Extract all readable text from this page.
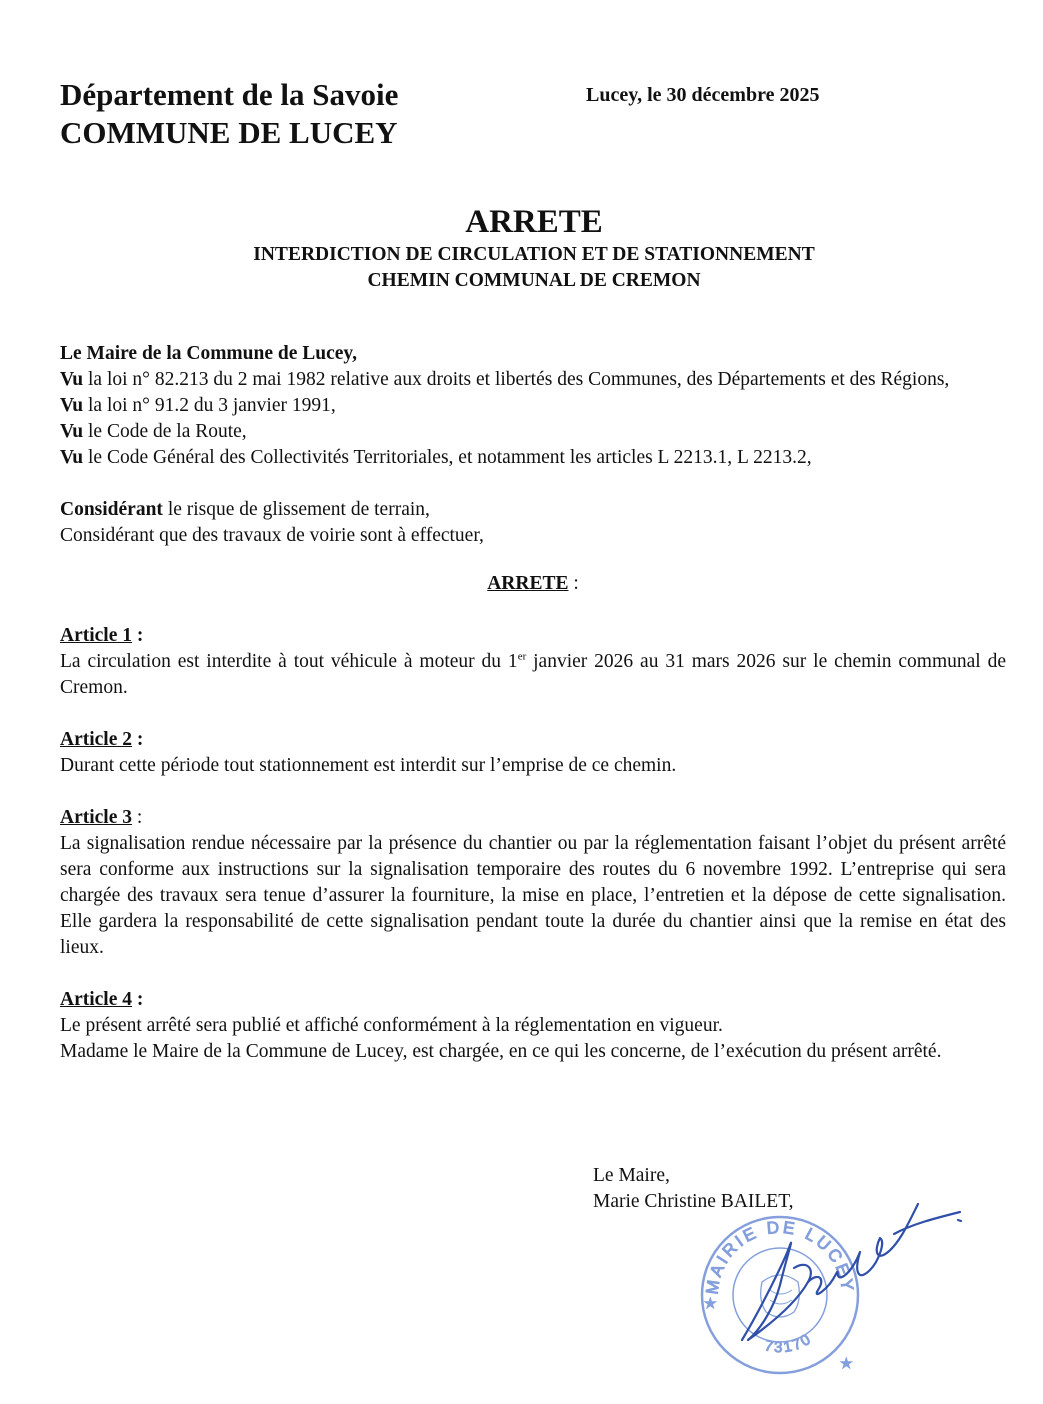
Département de la Savoie
COMMUNE DE LUCEY
Lucey, le 30 décembre 2025
ARRETE
INTERDICTION DE CIRCULATION ET DE STATIONNEMENT
CHEMIN COMMUNAL DE CREMON

Le Maire de la Commune de Lucey,

Vu la loi n° 82.213 du 2 mai 1982 relative aux droits et libertés des Communes, des Départements et des Régions,

Vu la loi n° 91.2 du 3 janvier 1991,

Vu le Code de la Route,

Vu le Code Général des Collectivités Territoriales, et notamment les articles L 2213.1, L 2213.2,

Considérant le risque de glissement de terrain,

Considérant que des travaux de voirie sont à effectuer,

ARRETE :

Article 1 :

La circulation est interdite à tout véhicule à moteur du 1er janvier 2026 au 31 mars 2026 sur le chemin communal de Cremon.

Article 2 :

Durant cette période tout stationnement est interdit sur l’emprise de ce chemin.

Article 3 :

La signalisation rendue nécessaire par la présence du chantier ou par la réglementation faisant l’objet du présent arrêté sera conforme aux instructions sur la signalisation temporaire des routes du 6 novembre 1992. L’entreprise qui sera chargée des travaux sera tenue d’assurer la fourniture, la mise en place, l’entretien et la dépose de cette signalisation. Elle gardera la responsabilité de cette signalisation pendant toute la durée du chantier ainsi que la remise en état des lieux.

Article 4 :

Le présent arrêté sera publié et affiché conformément à la réglementation en vigueur.

Madame le Maire de la Commune de Lucey, est chargée, en ce qui les concerne, de l’exécution du présent arrêté.

Le Maire,
Marie Christine BAILET,
MAIRIE DE LUCEY
73170
★
★
